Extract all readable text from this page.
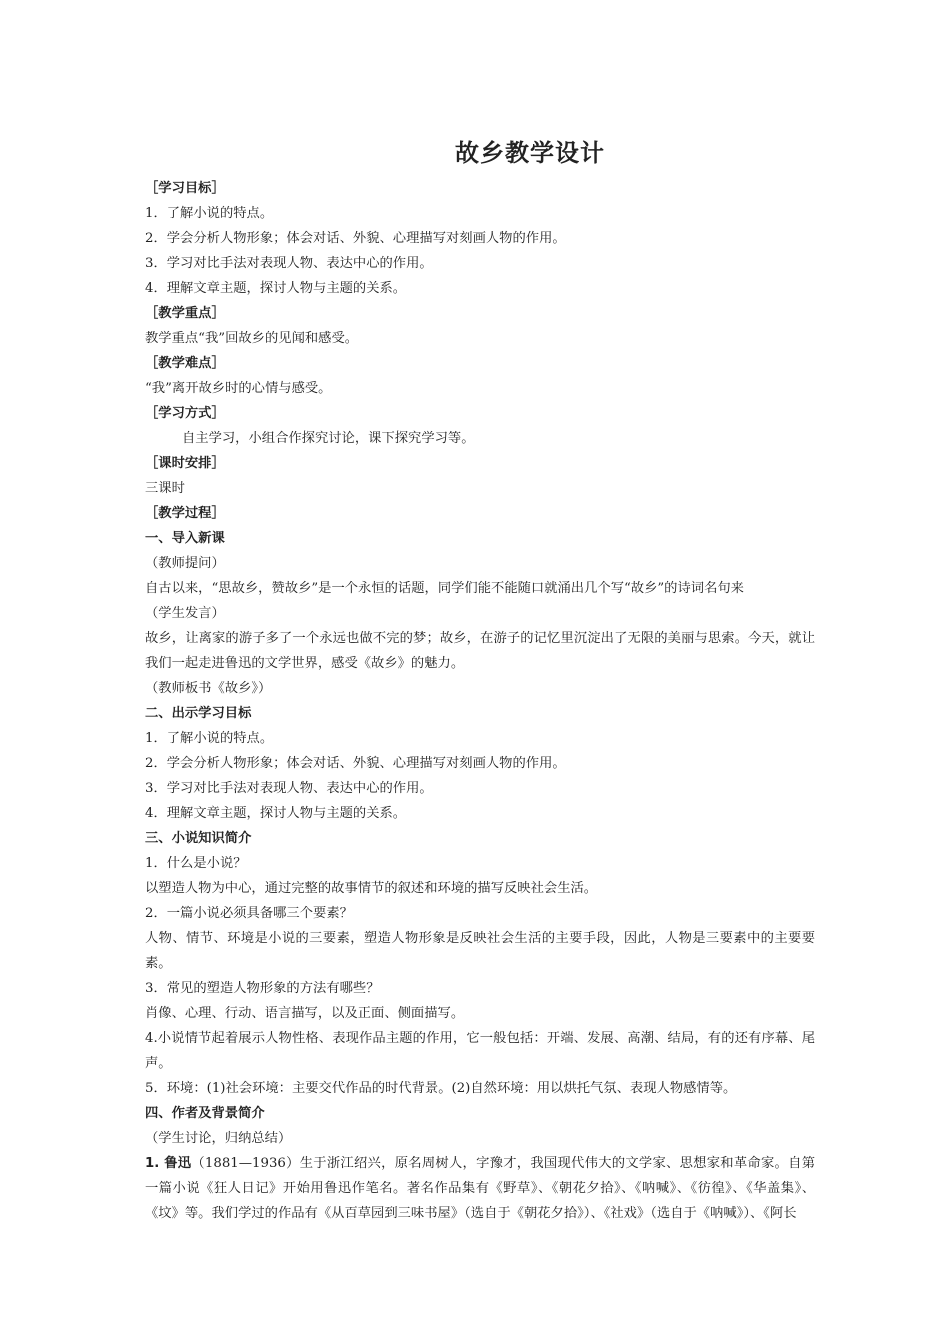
故乡教学设计

［学习目标］

1．了解小说的特点。

2．学会分析人物形象；体会对话、外貌、心理描写对刻画人物的作用。

3．学习对比手法对表现人物、表达中心的作用。

4．理解文章主题，探讨人物与主题的关系。

［教学重点］

教学重点“我”回故乡的见闻和感受。

［教学难点］

“我”离开故乡时的心情与感受。

［学习方式］

自主学习，小组合作探究讨论，课下探究学习等。

［课时安排］

三课时

［教学过程］

一、导入新课

（教师提问）

自古以来，“思故乡，赞故乡”是一个永恒的话题，同学们能不能随口就涌出几个写“故乡”的诗词名句来

（学生发言）

故乡，让离家的游子多了一个永远也做不完的梦；故乡，在游子的记忆里沉淀出了无限的美丽与思索。今天，就让我们一起走进鲁迅的文学世界，感受《故乡》的魅力。

（教师板书《故乡》）

二、出示学习目标

1．了解小说的特点。

2．学会分析人物形象；体会对话、外貌、心理描写对刻画人物的作用。

3．学习对比手法对表现人物、表达中心的作用。

4．理解文章主题，探讨人物与主题的关系。

三、小说知识简介

1．什么是小说？

以塑造人物为中心，通过完整的故事情节的叙述和环境的描写反映社会生活。

2．一篇小说必须具备哪三个要素？

人物、情节、环境是小说的三要素，塑造人物形象是反映社会生活的主要手段，因此，人物是三要素中的主要要素。

3．常见的塑造人物形象的方法有哪些？

肖像、心理、行动、语言描写，以及正面、侧面描写。

4.小说情节起着展示人物性格、表现作品主题的作用，它一般包括：开端、发展、高潮、结局，有的还有序幕、尾声。

5．环境：(1)社会环境：主要交代作品的时代背景。(2)自然环境：用以烘托气氛、表现人物感情等。

四、作者及背景简介

（学生讨论，归纳总结）

1. 鲁迅（1881—1936）生于浙江绍兴，原名周树人，字豫才，我国现代伟大的文学家、思想家和革命家。自第一篇小说《狂人日记》开始用鲁迅作笔名。著名作品集有《野草》、《朝花夕拾》、《呐喊》、《彷徨》、《华盖集》、《坟》等。我们学过的作品有《从百草园到三味书屋》（选自于《朝花夕拾》）、《社戏》（选自于《呐喊》）、《阿长
